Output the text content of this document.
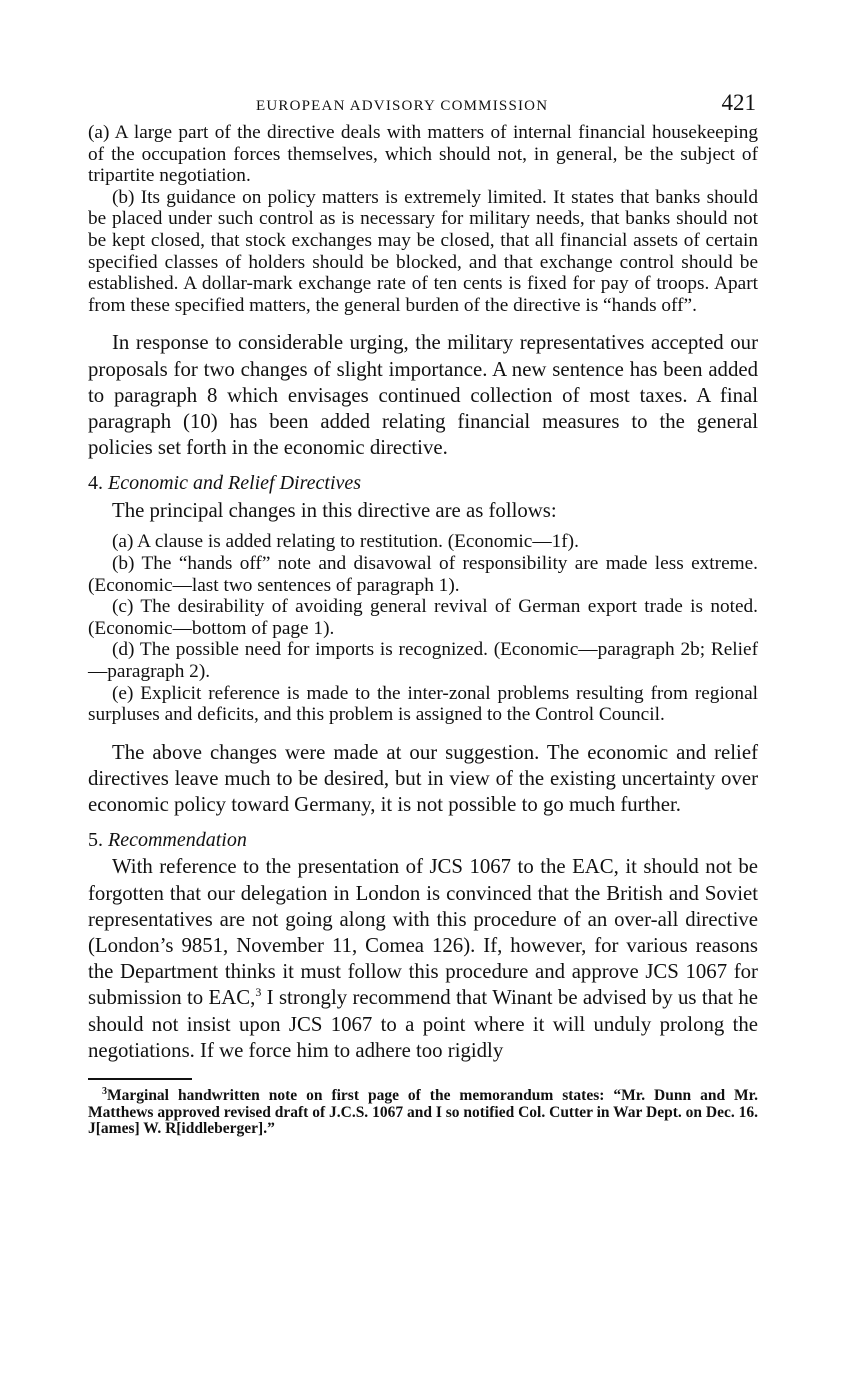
EUROPEAN ADVISORY COMMISSION	421

(a) A large part of the directive deals with matters of internal financial housekeeping of the occupation forces themselves, which should not, in general, be the subject of tripartite negotiation.

(b) Its guidance on policy matters is extremely limited. It states that banks should be placed under such control as is necessary for military needs, that banks should not be kept closed, that stock exchanges may be closed, that all financial assets of certain specified classes of holders should be blocked, and that exchange control should be established. A dollar-mark exchange rate of ten cents is fixed for pay of troops. Apart from these specified matters, the general burden of the directive is “hands off”.

In response to considerable urging, the military representatives accepted our proposals for two changes of slight importance. A new sentence has been added to paragraph 8 which envisages continued collection of most taxes. A final paragraph (10) has been added relating financial measures to the general policies set forth in the economic directive.

4. Economic and Relief Directives
The principal changes in this directive are as follows:

(a) A clause is added relating to restitution. (Economic—1f).

(b) The “hands off” note and disavowal of responsibility are made less extreme. (Economic—last two sentences of paragraph 1).

(c) The desirability of avoiding general revival of German export trade is noted. (Economic—bottom of page 1).

(d) The possible need for imports is recognized. (Economic—paragraph 2b; Relief—paragraph 2).

(e) Explicit reference is made to the inter-zonal problems resulting from regional surpluses and deficits, and this problem is assigned to the Control Council.

The above changes were made at our suggestion. The economic and relief directives leave much to be desired, but in view of the existing uncertainty over economic policy toward Germany, it is not possible to go much further.

5. Recommendation

With reference to the presentation of JCS 1067 to the EAC, it should not be forgotten that our delegation in London is convinced that the British and Soviet representatives are not going along with this procedure of an over-all directive (London’s 9851, November 11, Comea 126). If, however, for various reasons the Department thinks it must follow this procedure and approve JCS 1067 for submission to EAC,$^3$ I strongly recommend that Winant be advised by us that he should not insist upon JCS 1067 to a point where it will unduly prolong the negotiations. If we force him to adhere too rigidly

$^3$Marginal handwritten note on first page of the memorandum states: “Mr. Dunn and Mr. Matthews approved revised draft of J.C.S. 1067 and I so notified Col. Cutter in War Dept. on Dec. 16. J[ames] W. R[iddleberger].”
